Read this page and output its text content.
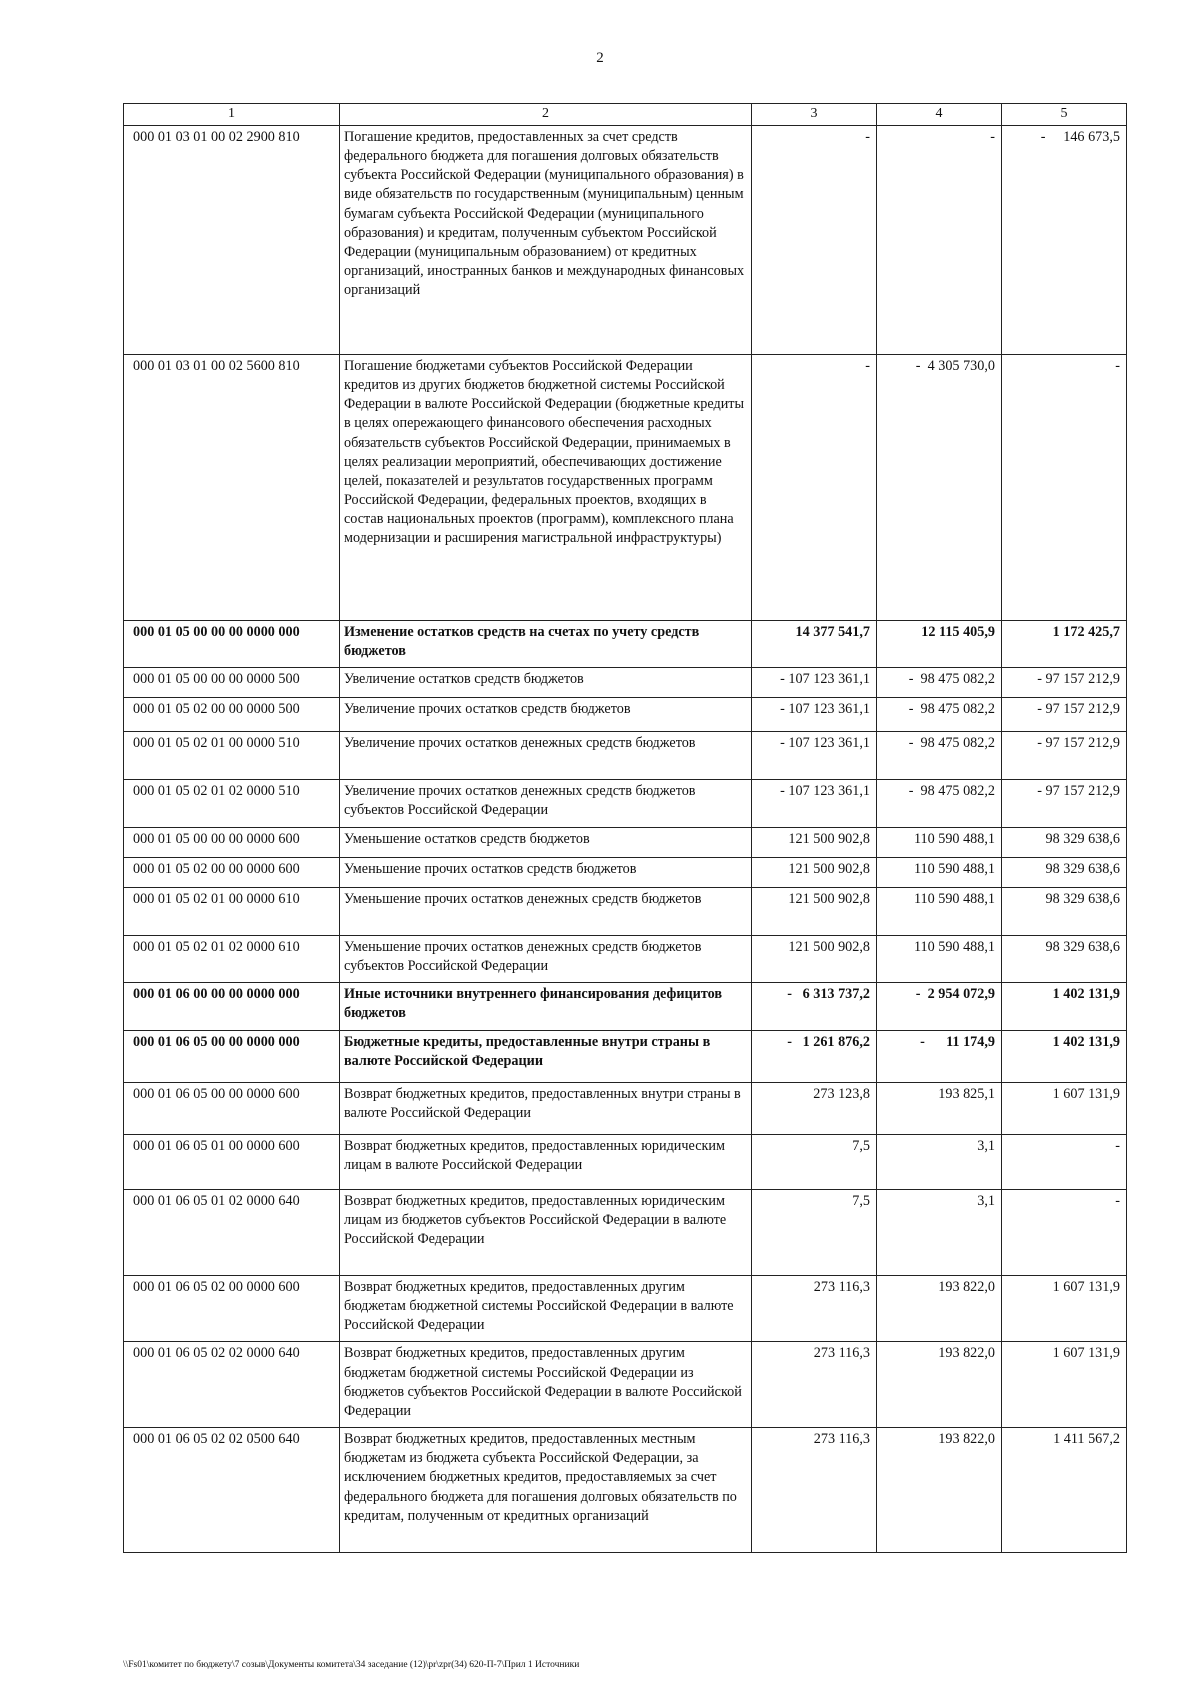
2
1	2	3	4	5
000 01 03 01 00 02 2900 810	Погашение кредитов, предоставленных за счет средств федерального бюджета для погашения долговых обязательств субъекта Российской Федерации (муниципального образования) в виде обязательств по государственным (муниципальным) ценным бумагам субъекта Российской Федерации (муниципального образования) и кредитам, полученным субъектом Российской Федерации (муниципальным образованием) от кредитных организаций, иностранных банков и международных финансовых организаций	-	-	-     146 673,5
000 01 03 01 00 02 5600 810	Погашение бюджетами субъектов Российской Федерации кредитов из других бюджетов бюджетной системы Российской Федерации в валюте Российской Федерации (бюджетные кредиты в целях опережающего финансового обеспечения расходных обязательств субъектов Российской Федерации, принимаемых в целях реализации мероприятий, обеспечивающих достижение целей, показателей и результатов государственных программ Российской Федерации, федеральных проектов, входящих в состав национальных проектов (программ), комплексного плана модернизации и расширения магистральной инфраструктуры)	-	-  4 305 730,0	-
000 01 05 00 00 00 0000 000	Изменение остатков средств на счетах по учету средств бюджетов	14 377 541,7	12 115 405,9	1 172 425,7
000 01 05 00 00 00 0000 500	Увеличение остатков средств бюджетов	- 107 123 361,1	-  98 475 082,2	- 97 157 212,9
000 01 05 02 00 00 0000 500	Увеличение прочих остатков средств бюджетов	- 107 123 361,1	-  98 475 082,2	- 97 157 212,9
000 01 05 02 01 00 0000 510	Увеличение прочих остатков денежных средств бюджетов	- 107 123 361,1	-  98 475 082,2	- 97 157 212,9
000 01 05 02 01 02 0000 510	Увеличение прочих остатков денежных средств бюджетов субъектов Российской Федерации	- 107 123 361,1	-  98 475 082,2	- 97 157 212,9
000 01 05 00 00 00 0000 600	Уменьшение остатков средств бюджетов	121 500 902,8	110 590 488,1	98 329 638,6
000 01 05 02 00 00 0000 600	Уменьшение прочих остатков средств бюджетов	121 500 902,8	110 590 488,1	98 329 638,6
000 01 05 02 01 00 0000 610	Уменьшение прочих остатков денежных средств бюджетов	121 500 902,8	110 590 488,1	98 329 638,6
000 01 05 02 01 02 0000 610	Уменьшение прочих остатков денежных средств бюджетов субъектов Российской Федерации	121 500 902,8	110 590 488,1	98 329 638,6
000 01 06 00 00 00 0000 000	Иные источники внутреннего финансирования дефицитов бюджетов	-   6 313 737,2	-  2 954 072,9	1 402 131,9
000 01 06 05 00 00 0000 000	Бюджетные кредиты, предоставленные внутри страны в валюте Российской Федерации	-   1 261 876,2	-      11 174,9	1 402 131,9
000 01 06 05 00 00 0000 600	Возврат бюджетных кредитов, предоставленных внутри страны в валюте Российской Федерации	273 123,8	193 825,1	1 607 131,9
000 01 06 05 01 00 0000 600	Возврат бюджетных кредитов, предоставленных юридическим лицам в валюте Российской Федерации	7,5	3,1	-
000 01 06 05 01 02 0000 640	Возврат бюджетных кредитов, предоставленных юридическим лицам из бюджетов субъектов Российской Федерации в валюте Российской Федерации	7,5	3,1	-
000 01 06 05 02 00 0000 600	Возврат бюджетных кредитов, предоставленных другим бюджетам бюджетной системы Российской Федерации в валюте Российской Федерации	273 116,3	193 822,0	1 607 131,9
000 01 06 05 02 02 0000 640	Возврат бюджетных кредитов, предоставленных другим бюджетам бюджетной системы Российской Федерации из бюджетов субъектов Российской Федерации в валюте Российской Федерации	273 116,3	193 822,0	1 607 131,9
000 01 06 05 02 02 0500 640	Возврат бюджетных кредитов, предоставленных местным бюджетам из бюджета субъекта Российской Федерации, за исключением бюджетных кредитов, предоставляемых за счет федерального бюджета для погашения долговых обязательств по кредитам, полученным от кредитных организаций	273 116,3	193 822,0	1 411 567,2
\\Fs01\комитет по бюджету\7 созыв\Документы комитета\34 заседание (12)\pr\zpr(34) 620-П-7\Прил 1 Источники
